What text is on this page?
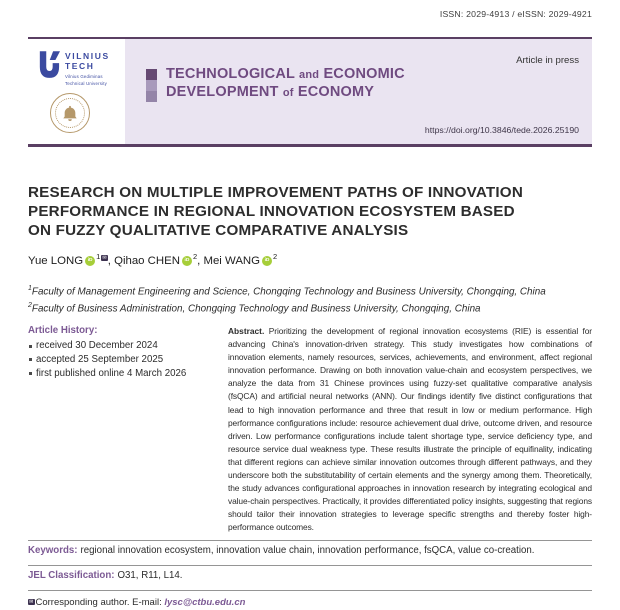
ISSN: 2029-4913 / eISSN: 2029-4921
VILNIUS
TECH
Vilnius Gediminas
Technical University
Article in press
TECHNOLOGICAL and ECONOMIC
DEVELOPMENT of ECONOMY
https://doi.org/10.3846/tede.2026.25190
RESEARCH ON MULTIPLE IMPROVEMENT PATHS OF INNOVATION
PERFORMANCE IN REGIONAL INNOVATION ECOSYSTEM BASED
ON FUZZY QUALITATIVE COMPARATIVE ANALYSIS
Yue LONG iD $^1$ ✉, Qihao CHEN iD $^2$, Mei WANG iD $^2$
$^1$Faculty of Management Engineering and Science, Chongqing Technology and Business University, Chongqing, China
$^2$Faculty of Business Administration, Chongqing Technology and Business University, Chongqing, China
Article History:
received 30 December 2024
accepted 25 September 2025
first published online 4 March 2026
Abstract. Prioritizing the development of regional innovation ecosystems (RIE) is essential for advancing China's innovation-driven strategy. This study investigates how combinations of innovation elements, namely resources, services, achievements, and environment, affect regional innovation performance. Drawing on both innovation value-chain and ecosystem perspectives, we analyze the data from 31 Chinese provinces using fuzzy-set qualitative comparative analysis (fsQCA) and artificial neural networks (ANN). Our findings identify five distinct configurations that lead to high innovation performance and three that result in low or medium performance. High performance configurations include: resource achievement dual drive, outcome driven, and resource driven. Low performance configurations include talent shortage type, service deficiency type, and resource service dual weakness type. These results illustrate the principle of equifinality, indicating that different regions can achieve similar innovation outcomes through different pathways, and they underscore both the substitutability of certain elements and the synergy among them. Theoretically, the study advances configurational approaches in innovation research by integrating ecological and value-chain perspectives. Practically, it provides differentiated policy insights, suggesting that regions should tailor their innovation strategies to leverage specific strengths and thereby foster high-performance outcomes.
Keywords: regional innovation ecosystem, innovation value chain, innovation performance, fsQCA, value co-creation.
JEL Classification: O31, R11, L14.
✉ Corresponding author. E-mail: lysc@ctbu.edu.cn
